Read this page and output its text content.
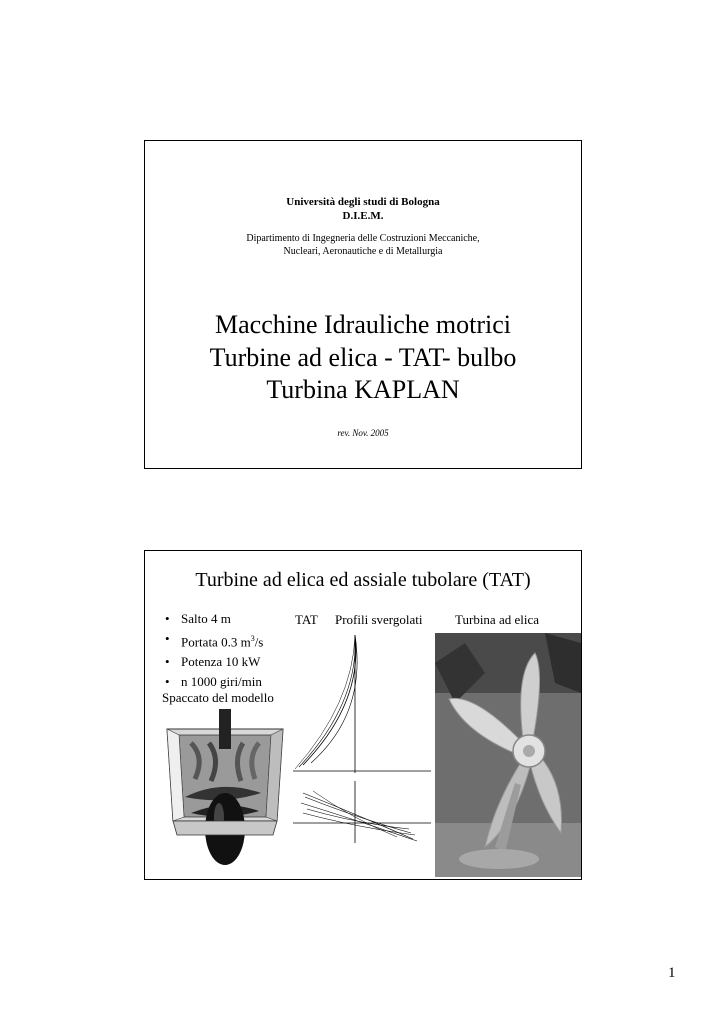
Università degli studi di Bologna
D.I.E.M.
Dipartimento di Ingegneria delle Costruzioni Meccaniche,
Nucleari, Aeronautiche e di Metallurgia
Macchine Idrauliche motrici
Turbine ad elica - TAT- bulbo
Turbina KAPLAN
rev. Nov. 2005
Turbine ad elica ed assiale tubolare (TAT)
• Salto 4 m
• Portata 0.3 $m^3/s$
• Potenza 10 kW
• n 1000 giri/min
Spaccato del modello
TAT Profili svergolati Turbina ad elica
1
